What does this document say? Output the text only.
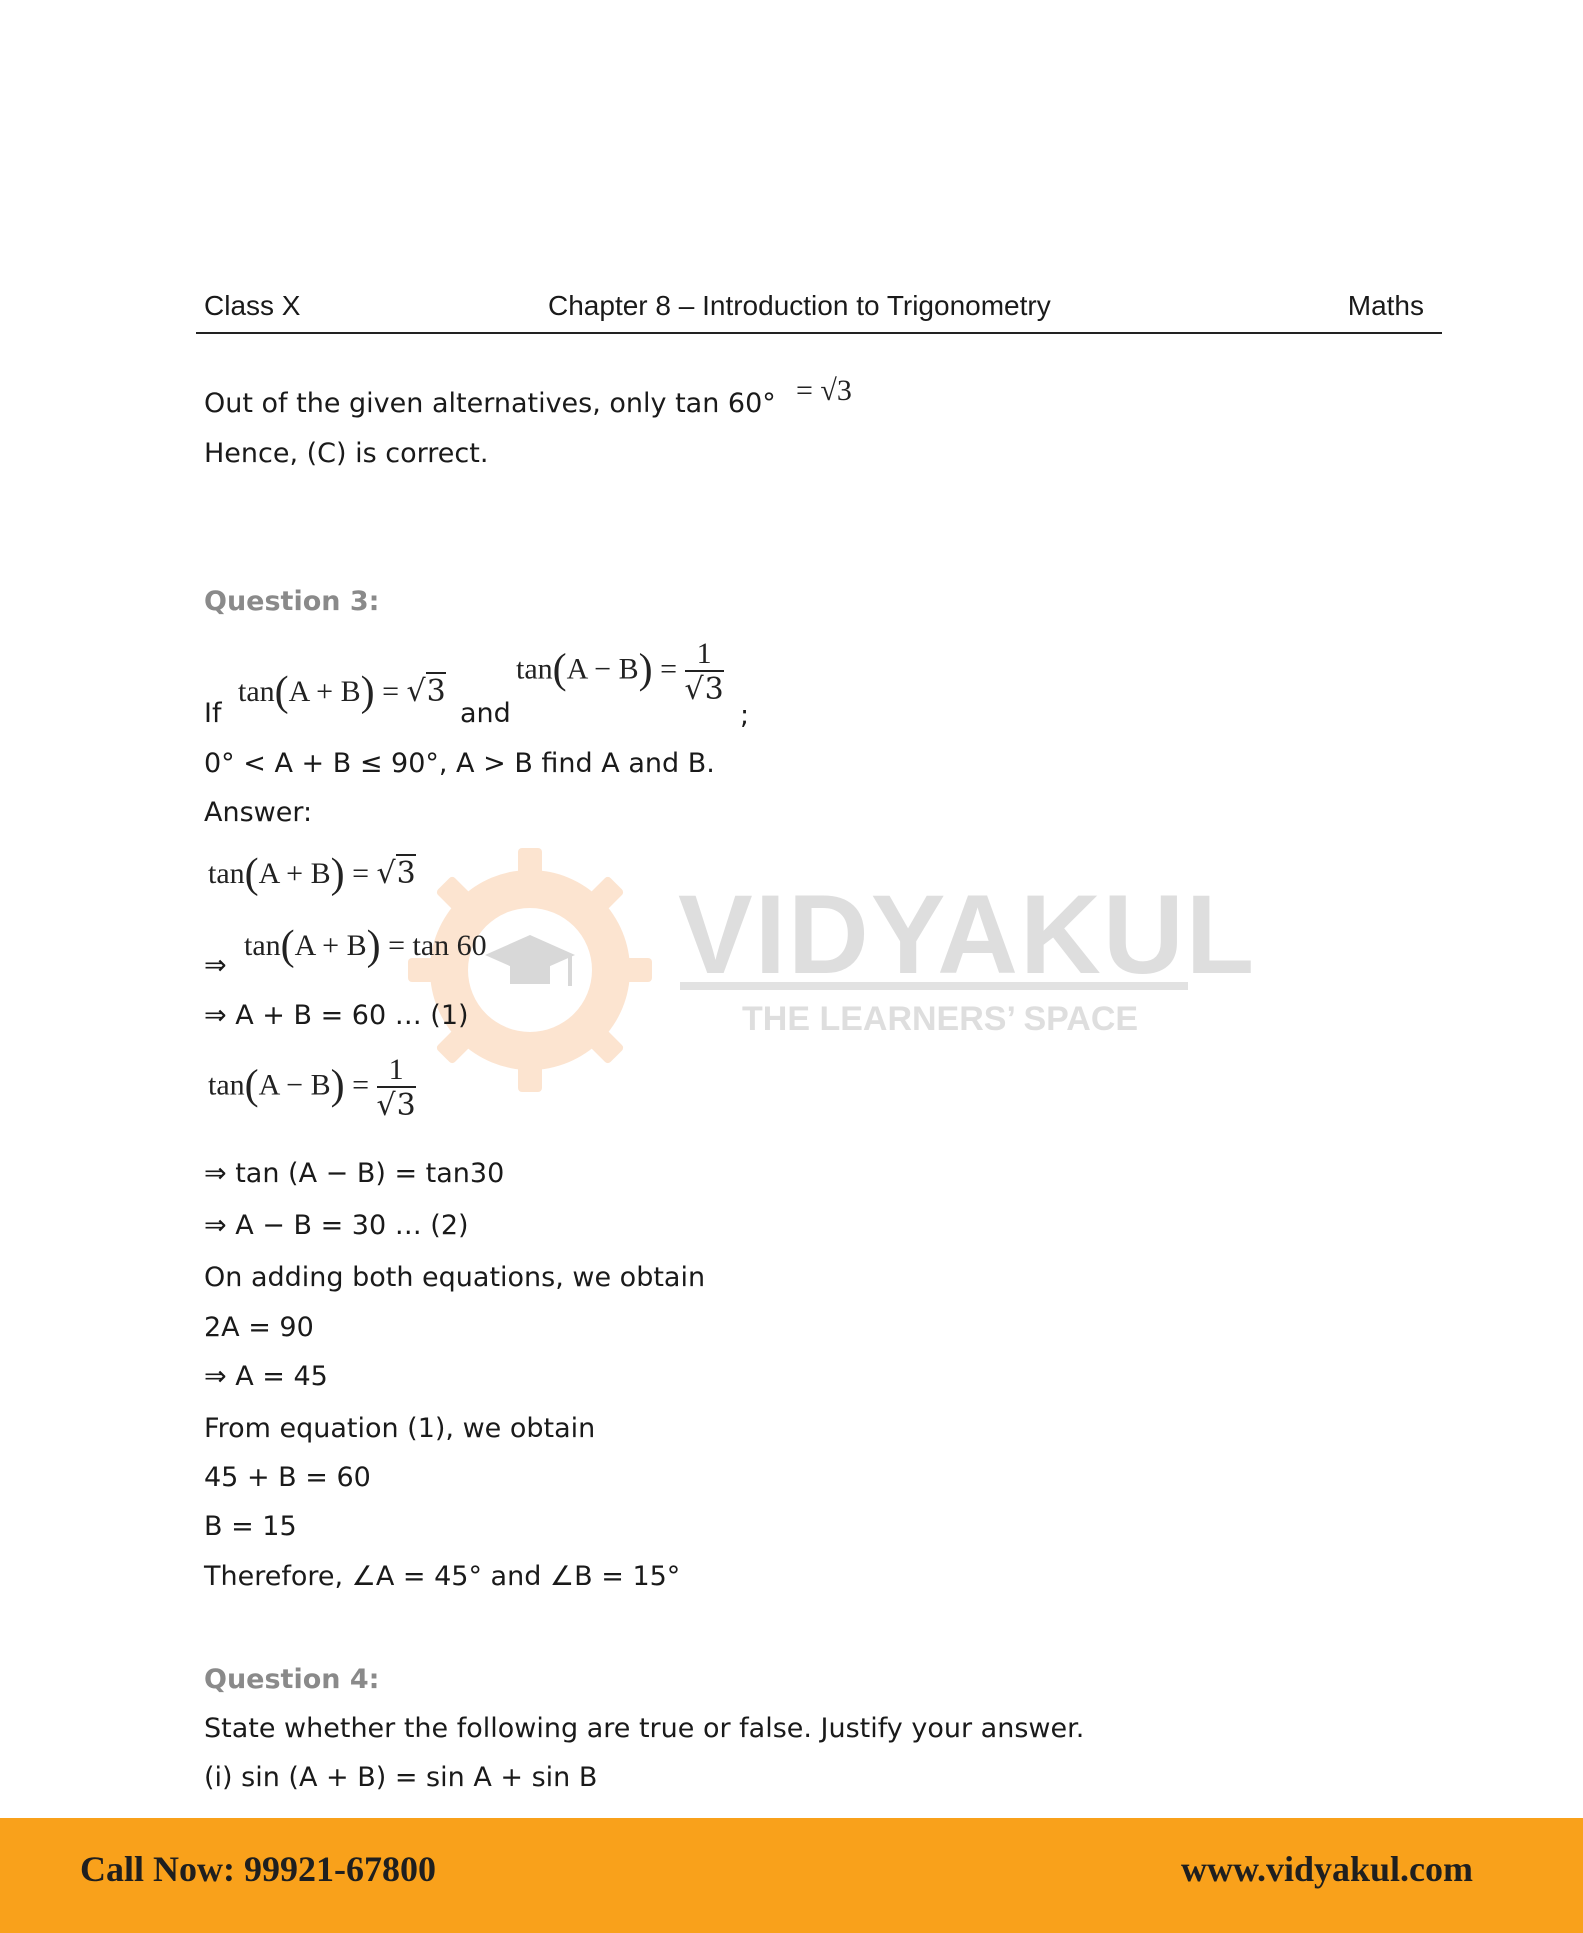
Class X	Chapter 8 – Introduction to Trigonometry	Maths
VIDYAKUL
THE LEARNERS’ SPACE
Out of the given alternatives, only tan 60° = √3
Hence, (C) is correct.
Question 3:
If
tan(A + B) = √3
and
$\tan(A - B) = \frac{1}{√3}$
;
0° < A + B ≤ 90°, A > B find A and B.
Answer:
tan(A + B) = √3
⇒
tan(A + B) = tan 60
⇒ A + B = 60 … (1)
$\tan(A - B) = \frac{1}{√3}$
⇒ tan (A − B) = tan30
⇒ A − B = 30 … (2)
On adding both equations, we obtain
2A = 90
⇒ A = 45
From equation (1), we obtain
45 + B = 60
B = 15
Therefore, ∠A = 45° and ∠B = 15°
Question 4:
State whether the following are true or false. Justify your answer.
(i) sin (A + B) = sin A + sin B
Call Now: 99921-67800	www.vidyakul.com
